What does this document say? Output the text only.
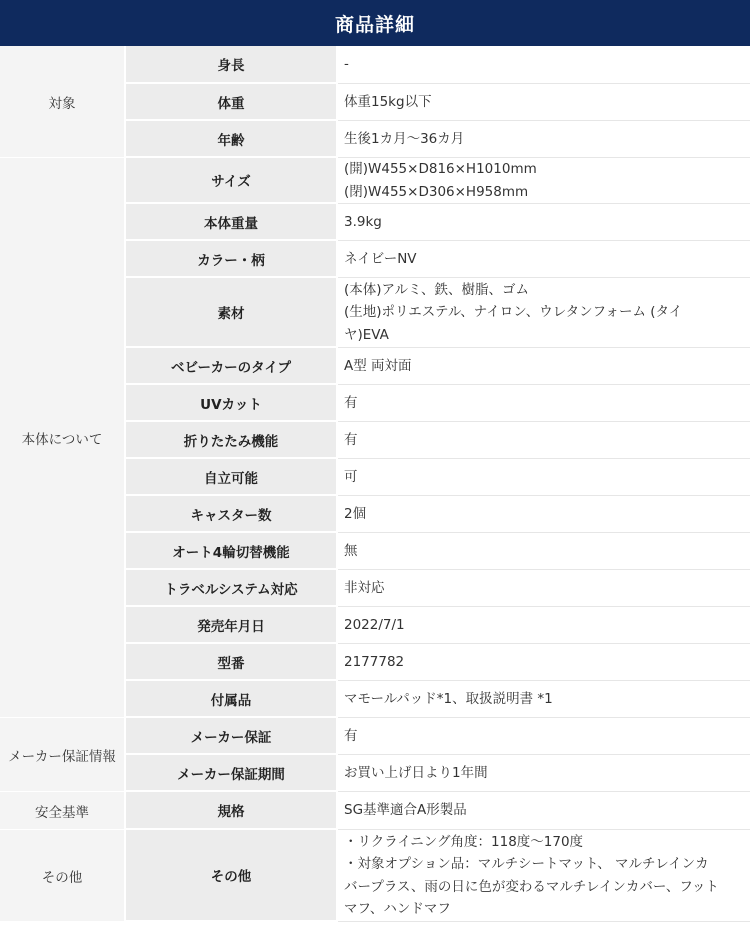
商品詳細
対象	身長	-

	体重	体重15kg以下

	年齢	生後1カ月〜36カ月

本体について	サイズ	(開)W455×D816×H1010mm
(閉)W455×D306×H958mm

	本体重量	3.9kg

	カラー・柄	ネイビーNV

	素材	(本体)アルミ、鉄、樹脂、ゴム
(生地)ポリエステル、ナイロン、ウレタンフォーム (タイ
ヤ)EVA

	ベビーカーのタイプ	A型 両対面

	UVカット	有

	折りたたみ機能	有

	自立可能	可

	キャスター数	2個

	オート4輪切替機能	無

	トラベルシステム対応	非対応

	発売年月日	2022/7/1

	型番	2177782

	付属品	マモールパッド*1、取扱説明書 *1

メーカー保証情報	メーカー保証	有

	メーカー保証期間	お買い上げ日より1年間

安全基準	規格	SG基準適合A形製品

その他	その他	・リクライニング角度：118度〜170度
・対象オプション品：マルチシートマット、 マルチレインカ
バープラス、雨の日に色が変わるマルチレインカバー、フット
マフ、ハンドマフ
